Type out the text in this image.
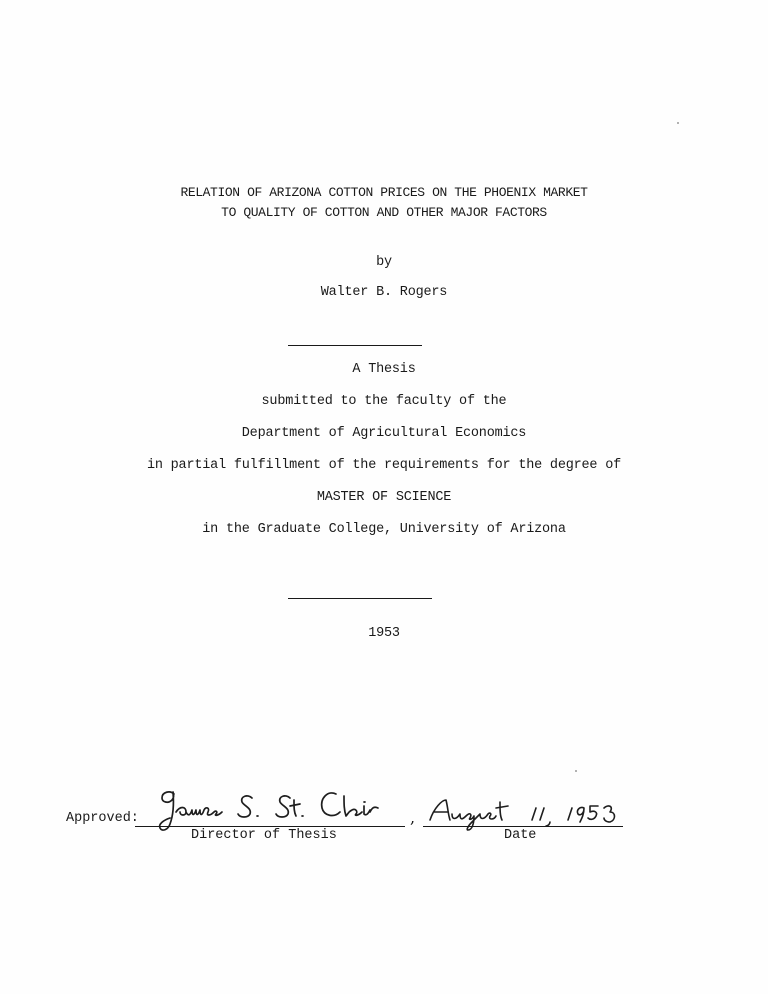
RELATION OF ARIZONA COTTON PRICES ON THE PHOENIX MARKET
TO QUALITY OF COTTON AND OTHER MAJOR FACTORS
by
Walter B. Rogers
A Thesis
submitted to the faculty of the
Department of Agricultural Economics
in partial fulfillment of the requirements for the degree of
MASTER OF SCIENCE
in the Graduate College, University of Arizona
1953
Approved:
Director of Thesis
,
Date
